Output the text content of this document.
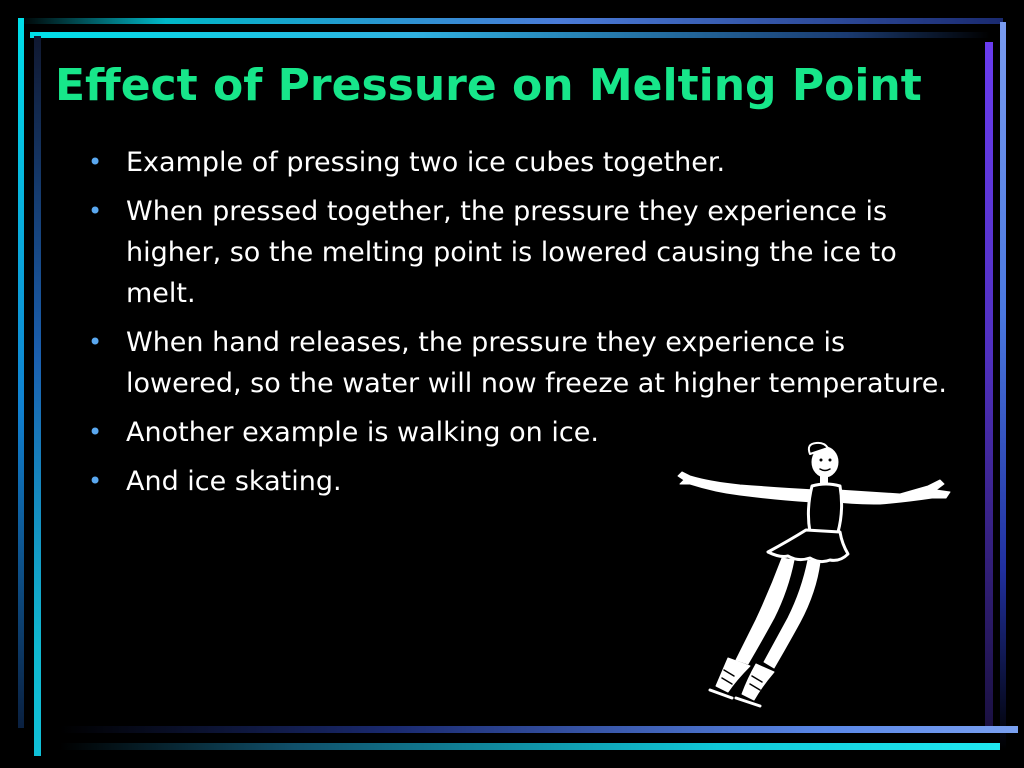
Effect of Pressure on Melting Point
• Example of pressing two ice cubes together.
• When pressed together, the pressure they experience is higher, so the melting point is lowered causing the ice to melt.
• When hand releases, the pressure they experience is lowered, so the water will now freeze at higher temperature.
• Another example is walking on ice.
• And ice skating.
